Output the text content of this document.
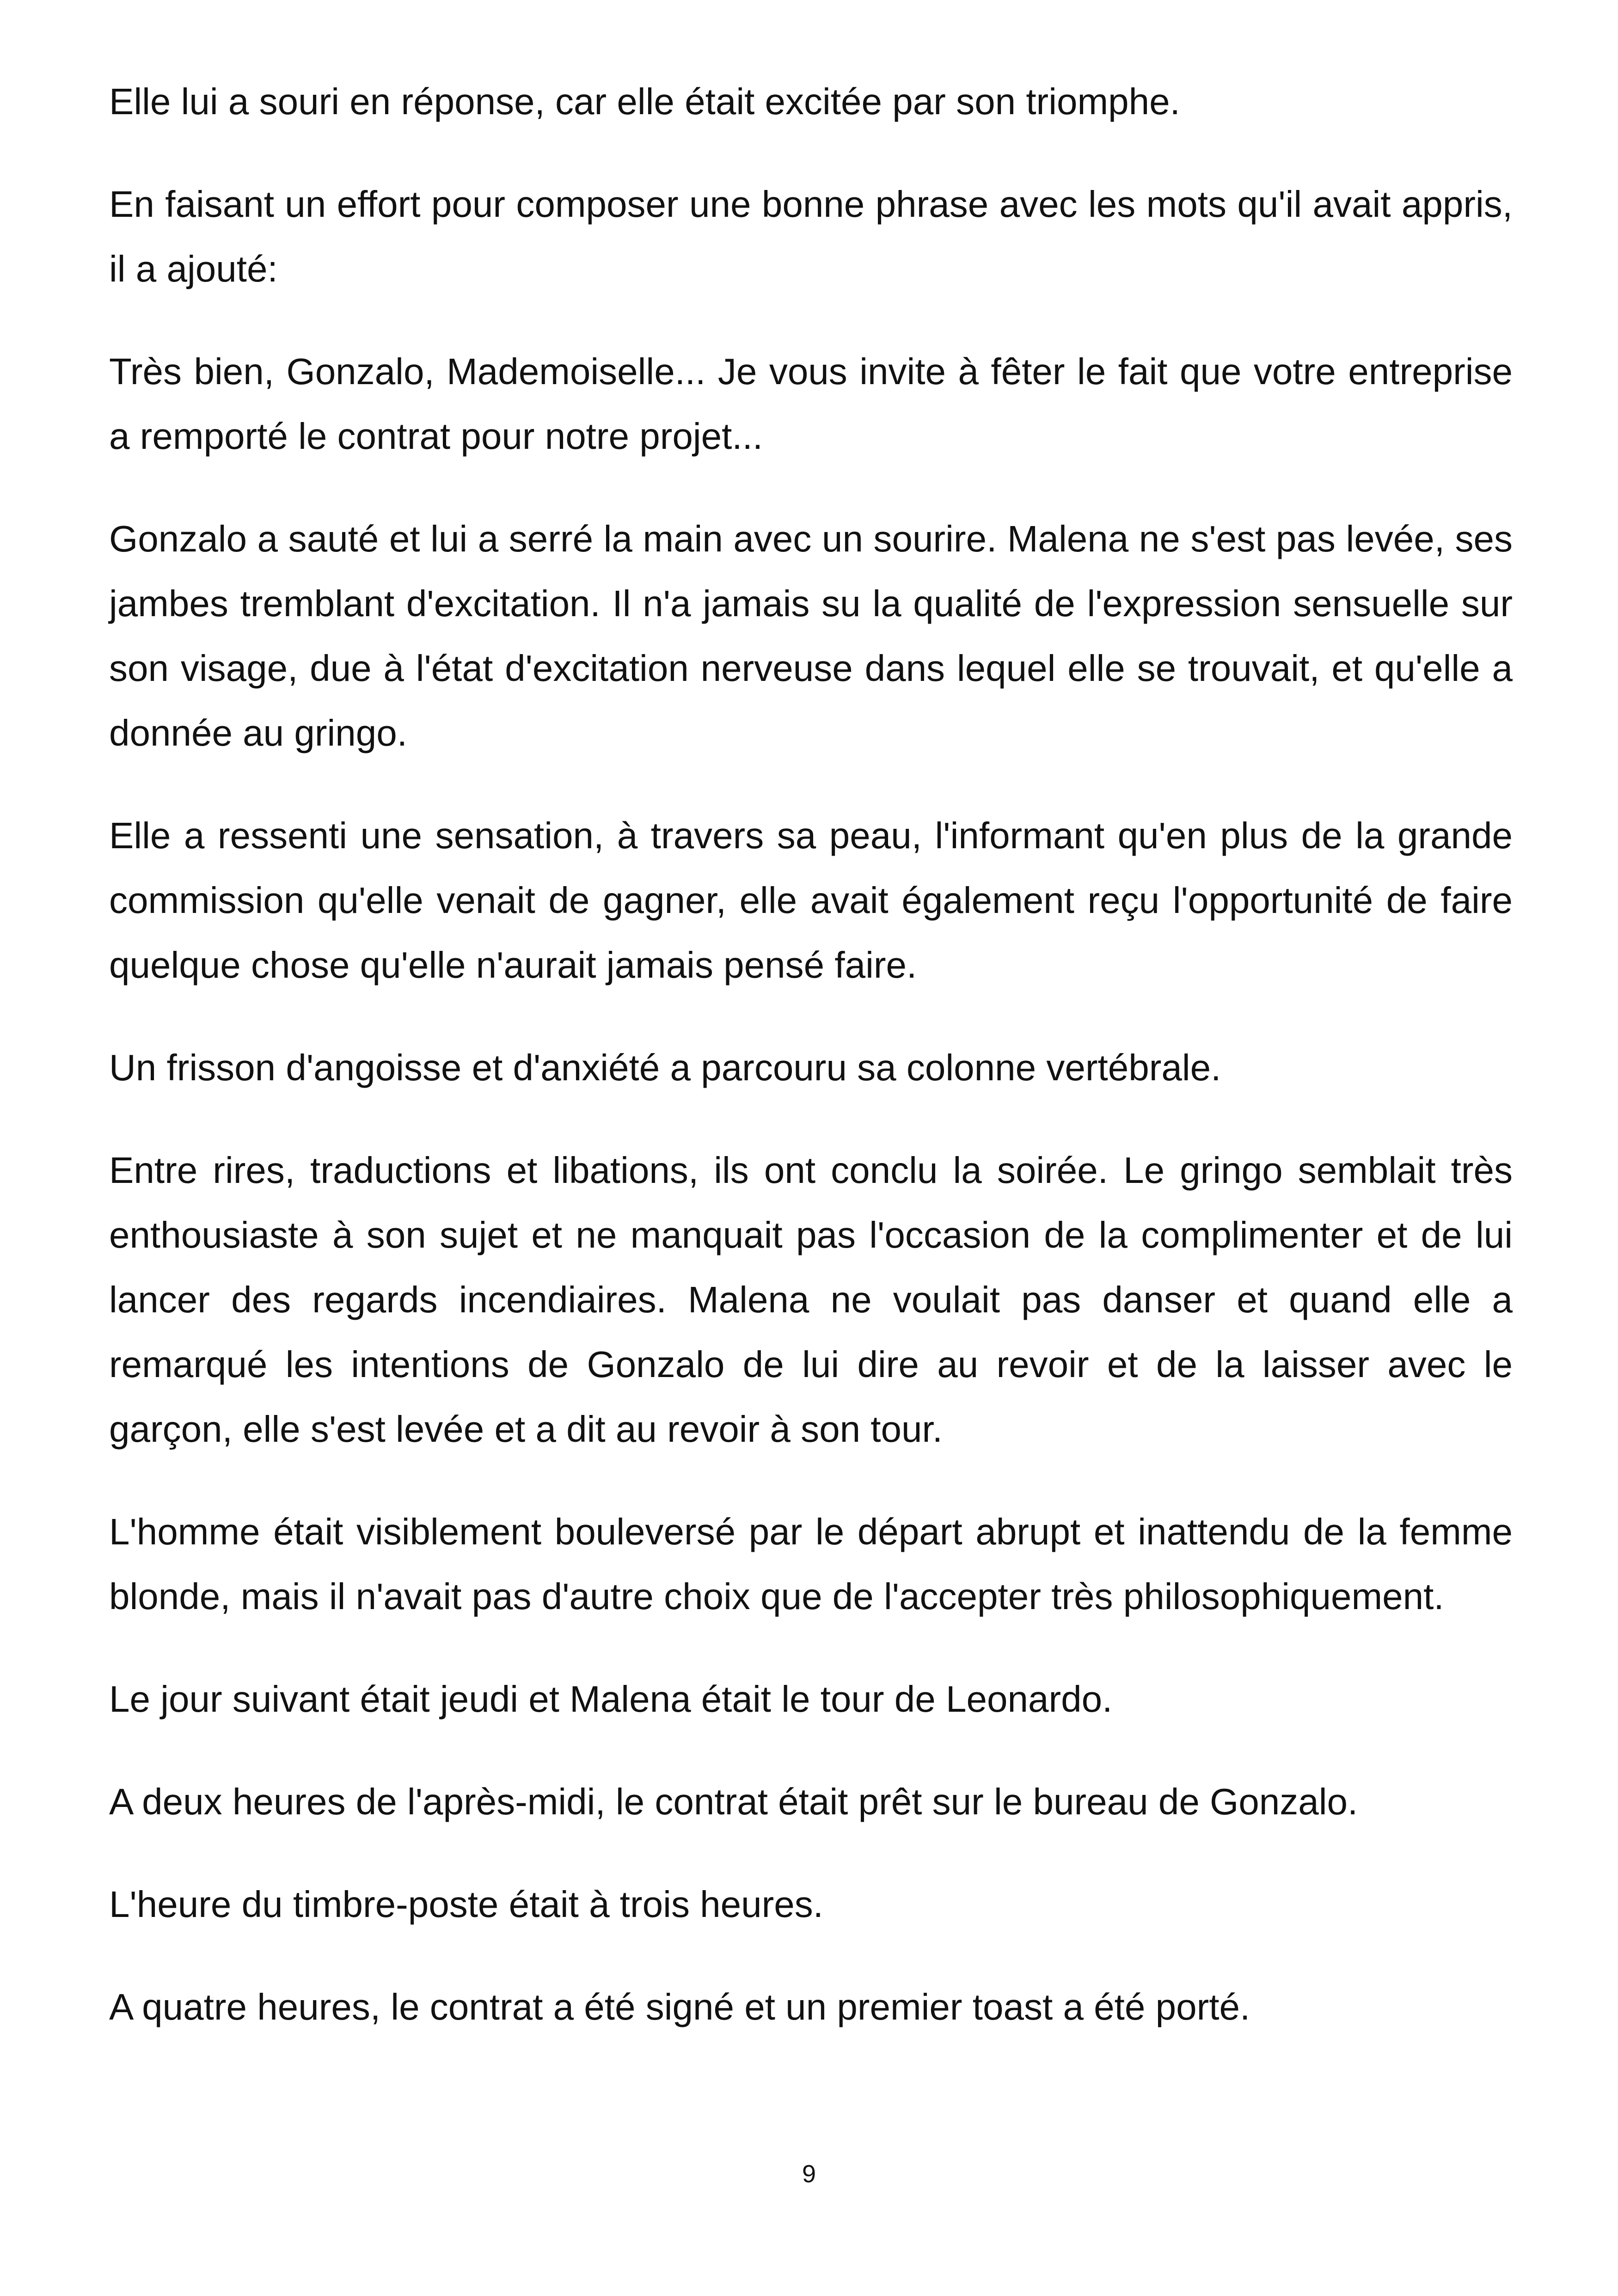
Elle lui a souri en réponse, car elle était excitée par son triomphe.

En faisant un effort pour composer une bonne phrase avec les mots qu'il avait appris, il a ajouté:

Très bien, Gonzalo, Mademoiselle... Je vous invite à fêter le fait que votre entreprise a remporté le contrat pour notre projet...

Gonzalo a sauté et lui a serré la main avec un sourire. Malena ne s'est pas levée, ses jambes tremblant d'excitation. Il n'a jamais su la qualité de l'expression sensuelle sur son visage, due à l'état d'excitation nerveuse dans lequel elle se trouvait, et qu'elle a donnée au gringo.

Elle a ressenti une sensation, à travers sa peau, l'informant qu'en plus de la grande commission qu'elle venait de gagner, elle avait également reçu l'opportunité de faire quelque chose qu'elle n'aurait jamais pensé faire.

Un frisson d'angoisse et d'anxiété a parcouru sa colonne vertébrale.

Entre rires, traductions et libations, ils ont conclu la soirée. Le gringo semblait très enthousiaste à son sujet et ne manquait pas l'occasion de la complimenter et de lui lancer des regards incendiaires. Malena ne voulait pas danser et quand elle a remarqué les intentions de Gonzalo de lui dire au revoir et de la laisser avec le garçon, elle s'est levée et a dit au revoir à son tour.

L'homme était visiblement bouleversé par le départ abrupt et inattendu de la femme blonde, mais il n'avait pas d'autre choix que de l'accepter très philosophiquement.

Le jour suivant était jeudi et Malena était le tour de Leonardo.

A deux heures de l'après-midi, le contrat était prêt sur le bureau de Gonzalo.

L'heure du timbre-poste était à trois heures.

A quatre heures, le contrat a été signé et un premier toast a été porté.

9
